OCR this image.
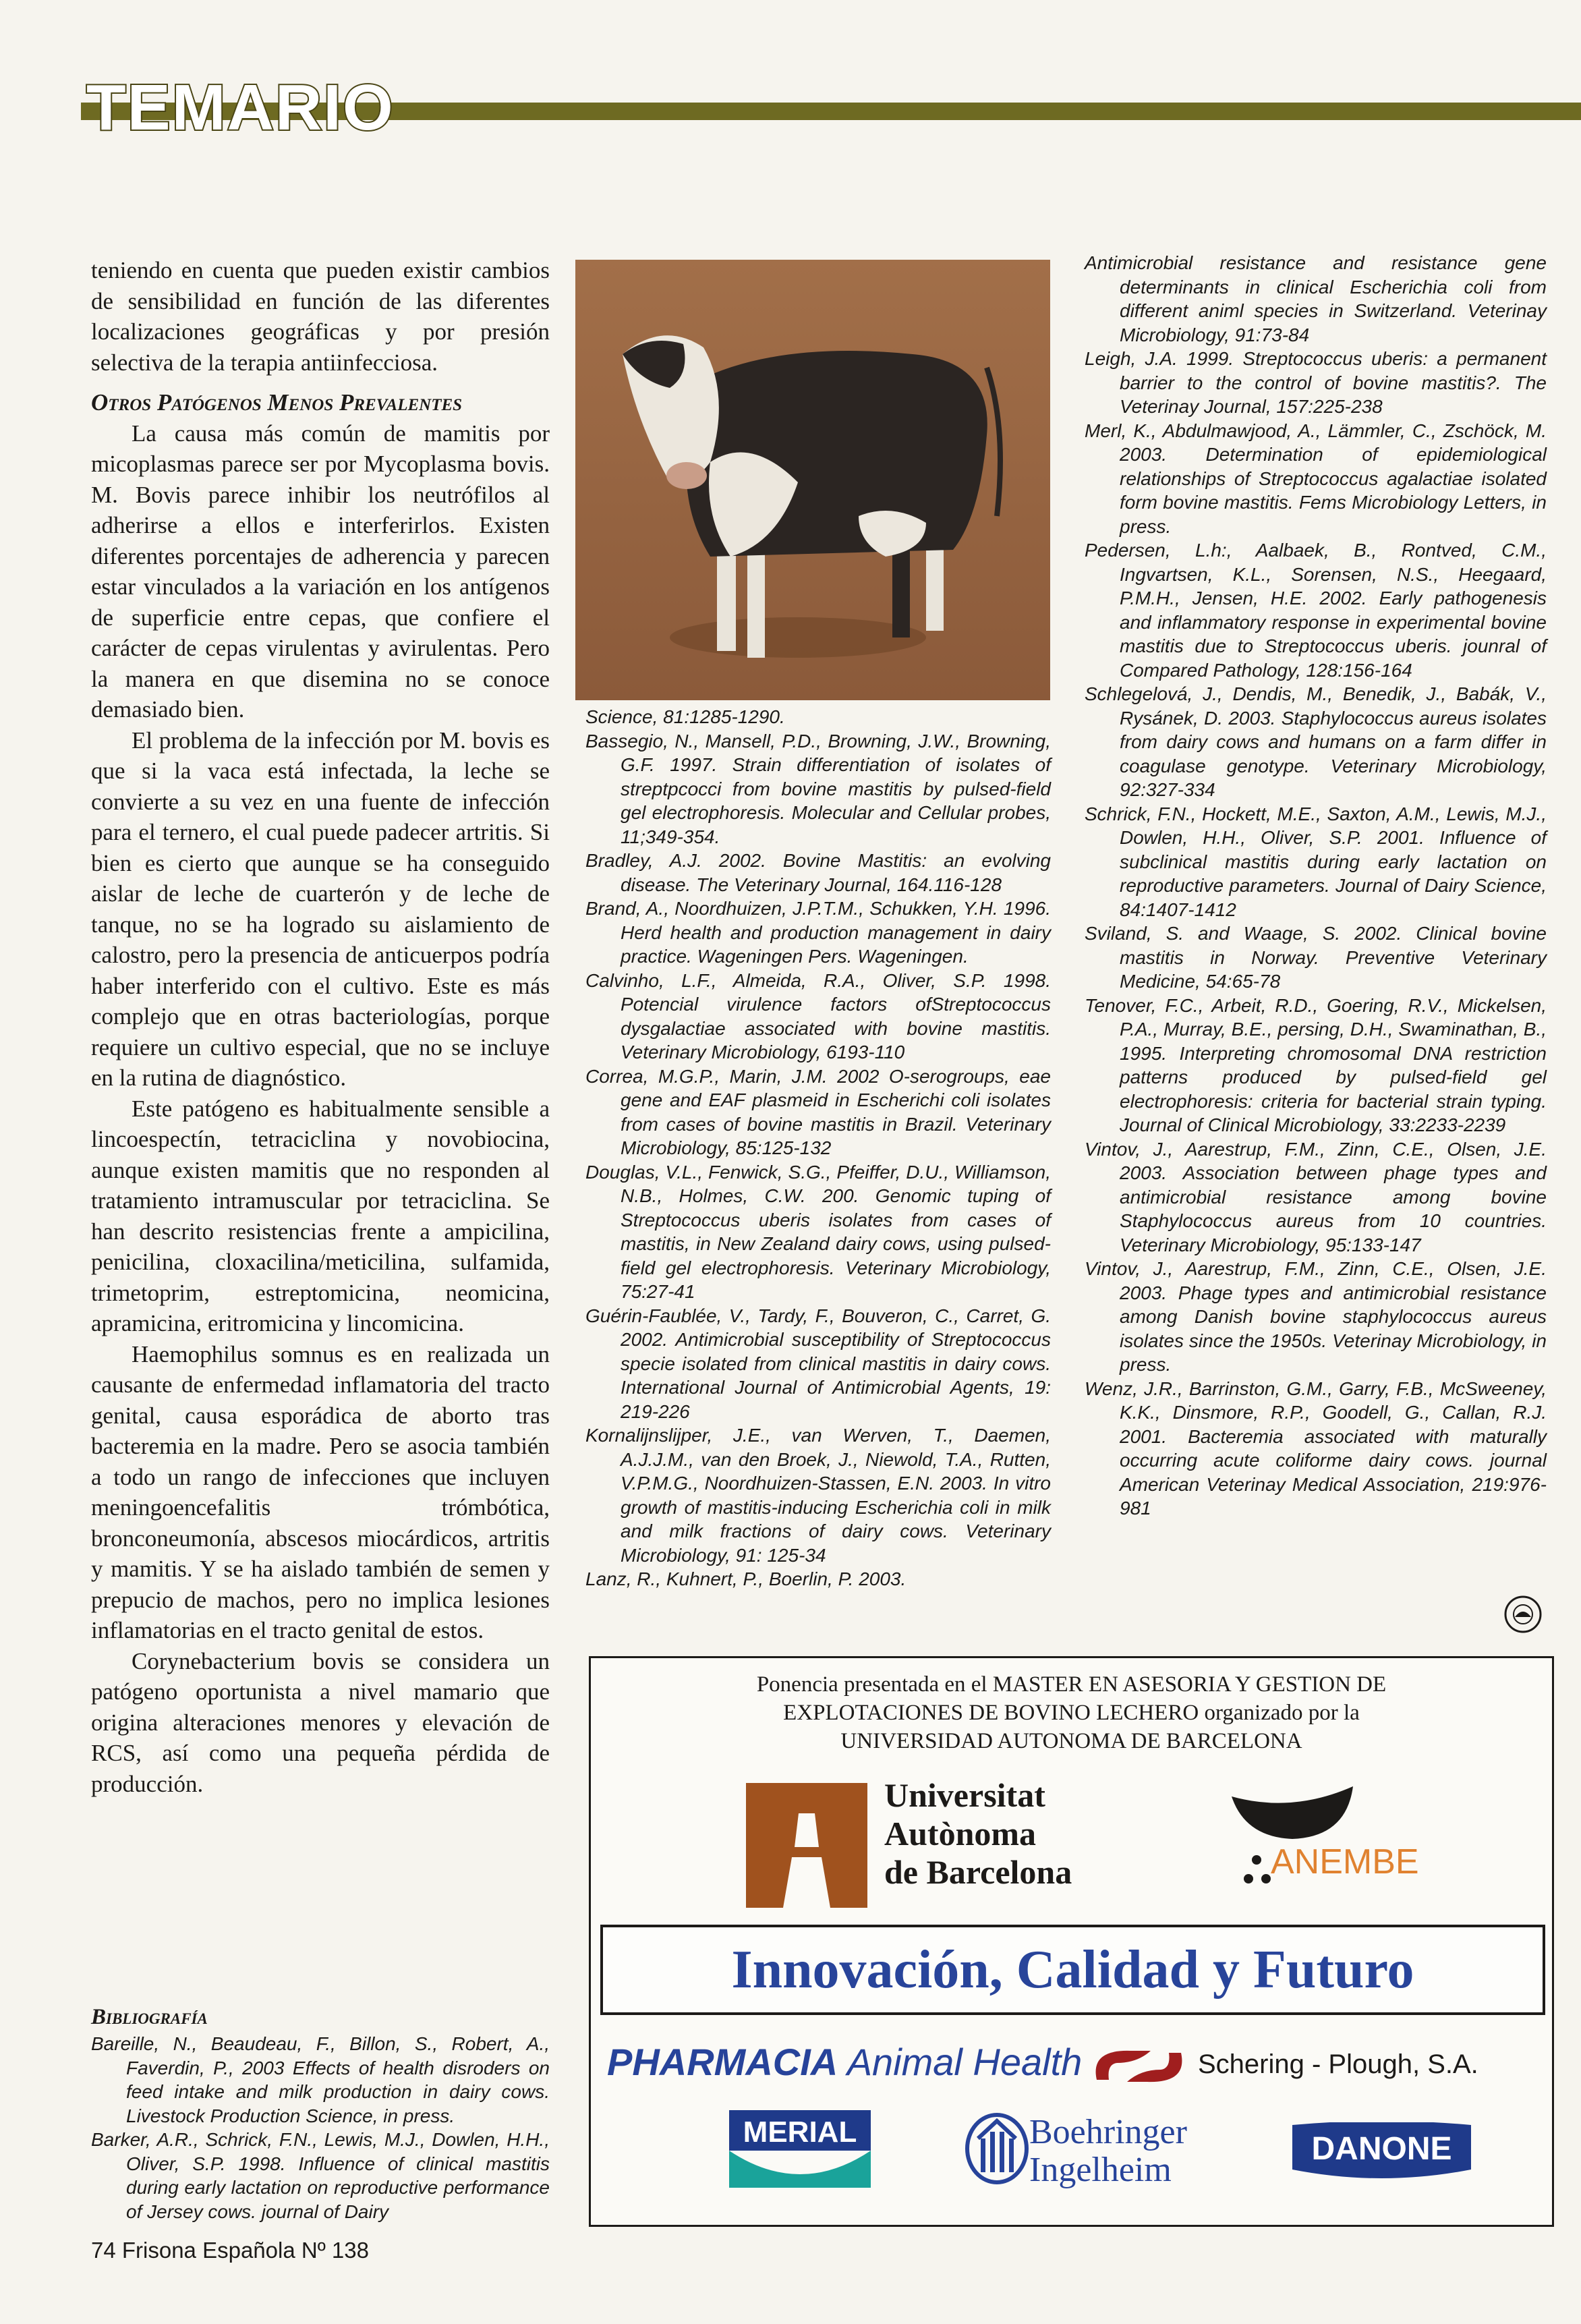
TEMARIO

teniendo en cuenta que pueden existir cambios de sensibilidad en función de las diferentes localizaciones geográficas y por presión selectiva de la terapia antiinfecciosa.

Otros Patógenos Menos Prevalentes

La causa más común de mamitis por micoplasmas parece ser por Mycoplasma bovis. M. Bovis parece inhibir los neutrófilos al adherirse a ellos e interferirlos. Existen diferentes porcentajes de adherencia y parecen estar vinculados a la variación en los antígenos de superficie entre cepas, que confiere el carácter de cepas virulentas y avirulentas. Pero la manera en que disemina no se conoce demasiado bien.

El problema de la infección por M. bovis es que si la vaca está infectada, la leche se convierte a su vez en una fuente de infección para el ternero, el cual puede padecer artritis. Si bien es cierto que aunque se ha conseguido aislar de leche de cuarterón y de leche de tanque, no se ha logrado su aislamiento de calostro, pero la presencia de anticuerpos podría haber interferido con el cultivo. Este es más complejo que en otras bacteriologías, porque requiere un cultivo especial, que no se incluye en la rutina de diagnóstico.

Este patógeno es habitualmente sensible a lincoespectín, tetraciclina y novobiocina, aunque existen mamitis que no responden al tratamiento intramuscular por tetraciclina. Se han descrito resistencias frente a ampicilina, penicilina, cloxacilina/meticilina, sulfamida, trimetoprim, estreptomicina, neomicina, apramicina, eritromicina y lincomicina.

Haemophilus somnus es en realizada un causante de enfermedad inflamatoria del tracto genital, causa esporádica de aborto tras bacteremia en la madre. Pero se asocia también a todo un rango de infecciones que incluyen meningoencefalitis trómbótica, bronconeumonía, abscesos miocárdicos, artritis y mamitis. Y se ha aislado también de semen y prepucio de machos, pero no implica lesiones inflamatorias en el tracto genital de estos.

Corynebacterium bovis se considera un patógeno oportunista a nivel mamario que origina alteraciones menores y elevación de RCS, así como una pequeña pérdida de producción.

Bibliografía

Bareille, N., Beaudeau, F., Billon, S., Robert, A., Faverdin, P., 2003 Effects of health disroders on feed intake and milk production in dairy cows. Livestock Production Science, in press.

Barker, A.R., Schrick, F.N., Lewis, M.J., Dowlen, H.H., Oliver, S.P. 1998. Influence of clinical mastitis during early lactation on reproductive performance of Jersey cows. journal of Dairy

Science, 81:1285-1290.

Bassegio, N., Mansell, P.D., Browning, J.W., Browning, G.F. 1997. Strain differentiation of isolates of streptpcocci from bovine mastitis by pulsed-field gel electrophoresis. Molecular and Cellular probes, 11;349-354.

Bradley, A.J. 2002. Bovine Mastitis: an evolving disease. The Veterinary Journal, 164.116-128

Brand, A., Noordhuizen, J.P.T.M., Schukken, Y.H. 1996. Herd health and production management in dairy practice. Wageningen Pers. Wageningen.

Calvinho, L.F., Almeida, R.A., Oliver, S.P. 1998. Potencial virulence factors ofStreptococcus dysgalactiae associated with bovine mastitis. Veterinary Microbiology, 6193-110

Correa, M.G.P., Marin, J.M. 2002 O-serogroups, eae gene and EAF plasmeid in Escherichi coli isolates from cases of bovine mastitis in Brazil. Veterinary Microbiology, 85:125-132

Douglas, V.L., Fenwick, S.G., Pfeiffer, D.U., Williamson, N.B., Holmes, C.W. 200. Genomic tuping of Streptococcus uberis isolates from cases of mastitis, in New Zealand dairy cows, using pulsed-field gel electrophoresis. Veterinary Microbiology, 75:27-41

Guérin-Faublée, V., Tardy, F., Bouveron, C., Carret, G. 2002. Antimicrobial susceptibility of Streptococcus specie isolated from clinical mastitis in dairy cows. International Journal of Antimicrobial Agents, 19: 219-226

Kornalijnslijper, J.E., van Werven, T., Daemen, A.J.J.M., van den Broek, J., Niewold, T.A., Rutten, V.P.M.G., Noordhuizen-Stassen, E.N. 2003. In vitro growth of mastitis-inducing Escherichia coli in milk and milk fractions of dairy cows. Veterinary Microbiology, 91: 125-34

Lanz, R., Kuhnert, P., Boerlin, P. 2003.

Antimicrobial resistance and resistance gene determinants in clinical Escherichia coli from different animl species in Switzerland. Veterinay Microbiology, 91:73-84

Leigh, J.A. 1999. Streptococcus uberis: a permanent barrier to the control of bovine mastitis?. The Veterinay Journal, 157:225-238

Merl, K., Abdulmawjood, A., Lämmler, C., Zschöck, M. 2003. Determination of epidemiological relationships of Streptococcus agalactiae isolated form bovine mastitis. Fems Microbiology Letters, in press.

Pedersen, L.h:, Aalbaek, B., Rontved, C.M., Ingvartsen, K.L., Sorensen, N.S., Heegaard, P.M.H., Jensen, H.E. 2002. Early pathogenesis and inflammatory response in experimental bovine mastitis due to Streptococcus uberis. jounral of Compared Pathology, 128:156-164

Schlegelová, J., Dendis, M., Benedik, J., Babák, V., Rysánek, D. 2003. Staphylococcus aureus isolates from dairy cows and humans on a farm differ in coagulase genotype. Veterinary Microbiology, 92:327-334

Schrick, F.N., Hockett, M.E., Saxton, A.M., Lewis, M.J., Dowlen, H.H., Oliver, S.P. 2001. Influence of subclinical mastitis during early lactation on reproductive parameters. Journal of Dairy Science, 84:1407-1412

Sviland, S. and Waage, S. 2002. Clinical bovine mastitis in Norway. Preventive Veterinary Medicine, 54:65-78

Tenover, F.C., Arbeit, R.D., Goering, R.V., Mickelsen, P.A., Murray, B.E., persing, D.H., Swaminathan, B., 1995. Interpreting chromosomal DNA restriction patterns produced by pulsed-field gel electrophoresis: criteria for bacterial strain typing. Journal of Clinical Microbiology, 33:2233-2239

Vintov, J., Aarestrup, F.M., Zinn, C.E., Olsen, J.E. 2003. Association between phage types and antimicrobial resistance among bovine Staphylococcus aureus from 10 countries. Veterinary Microbiology, 95:133-147

Vintov, J., Aarestrup, F.M., Zinn, C.E., Olsen, J.E. 2003. Phage types and antimicrobial resistance among Danish bovine staphylococcus aureus isolates since the 1950s. Veterinay Microbiology, in press.

Wenz, J.R., Barrinston, G.M., Garry, F.B., McSweeney, K.K., Dinsmore, R.P., Goodell, G., Callan, R.J. 2001. Bacteremia associated with maturally occurring acute coliforme dairy cows. journal American Veterinay Medical Association, 219:976-981

Ponencia presentada en el MASTER EN ASESORIA Y GESTION DE
EXPLOTACIONES DE BOVINO LECHERO organizado por la
UNIVERSIDAD AUTONOMA DE BARCELONA
Universitat
Autònoma
de Barcelona	ANEMBE
Innovación, Calidad y Futuro
PHARMACIA Animal Health	Schering - Plough, S.A.
MERIAL	Boehringer
Ingelheim
DANONE
74 Frisona Española Nº 138
